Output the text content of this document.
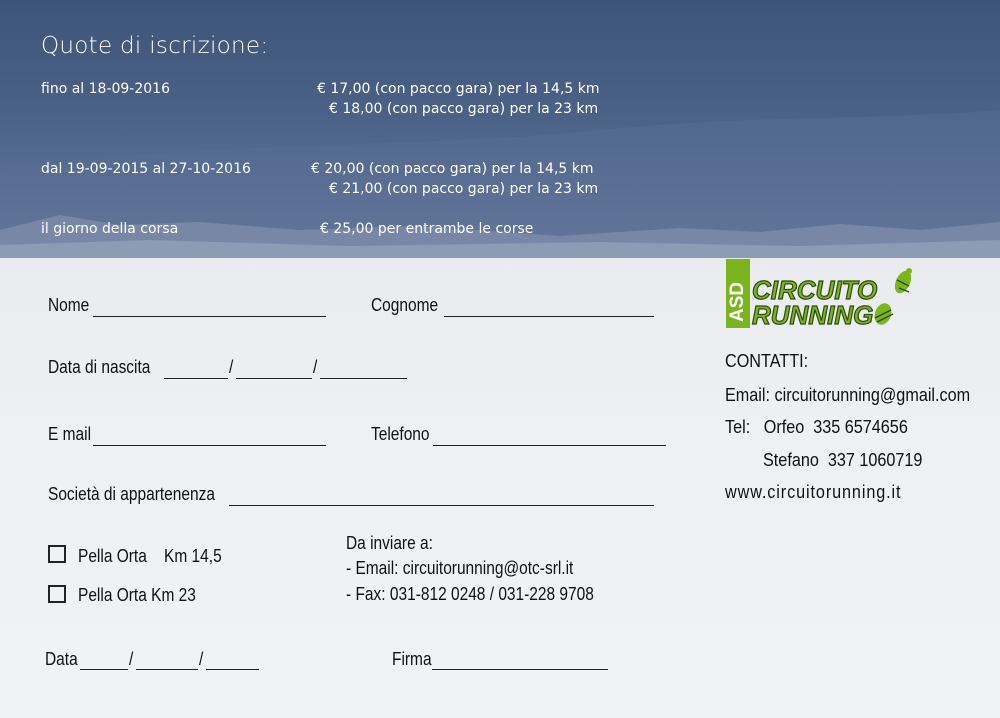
Quote di iscrizione:
fino al 18-09-2016	€ 17,00 (con pacco gara) per la 14,5 km
€ 18,00 (con pacco gara) per la 23 km
dal 19-09-2015 al 27-10-2016	€ 20,00 (con pacco gara) per la 14,5 km
€ 21,00 (con pacco gara) per la 23 km
il giorno della corsa	€ 25,00 per entrambe le corse
Nome	Cognome
Data di nascita	/	/
E mail	Telefono
Società di appartenenza
Pella Orta    Km 14,5
Pella Orta Km 23
Da inviare a:
- Email: circuitorunning@otc-srl.it
- Fax: 031-812 0248 / 031-228 9708
Data	/	/	Firma
ASD CIRCUITO
RUNNING
CONTATTI:
Email: circuitorunning@gmail.com
Tel:   Orfeo  335 6574656
Stefano  337 1060719
www.circuitorunning.it
